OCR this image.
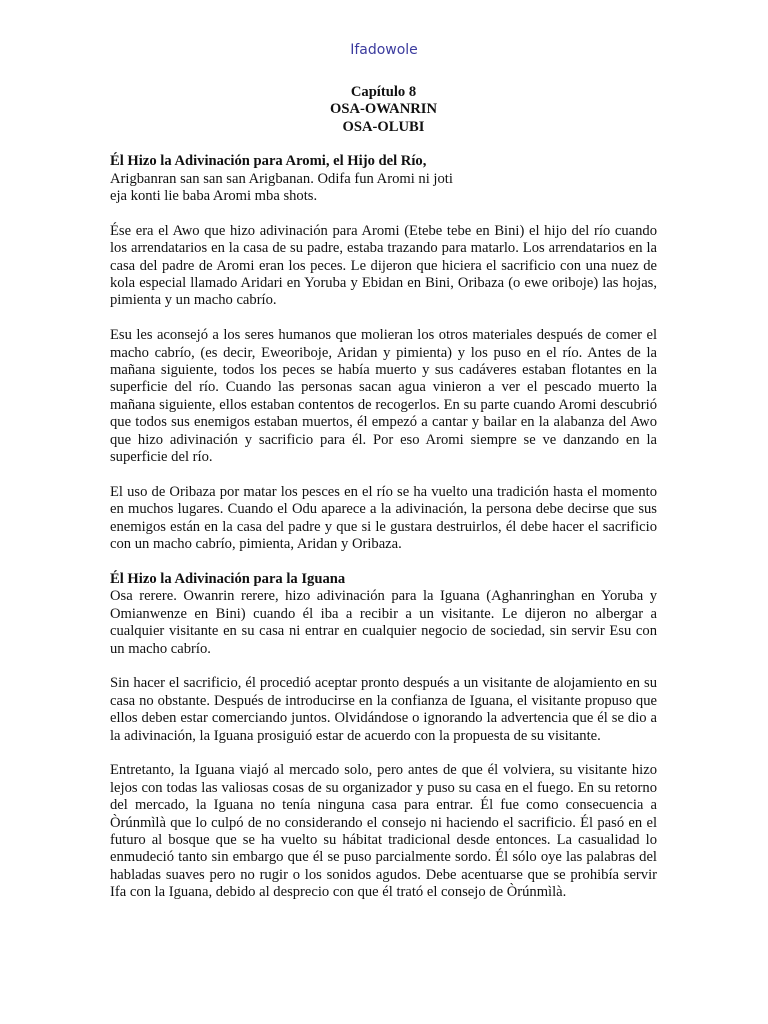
Ifadowole
Capítulo 8
OSA-OWANRIN
OSA-OLUBI
Él Hizo la Adivinación para Aromi, el Hijo del Río,
Arigbanran san san san Arigbanan. Odifa fun Aromi ni joti
eja konti lie baba Aromi mba shots.

Ése era el Awo que hizo adivinación para Aromi (Etebe tebe en Bini) el hijo del río cuando los arrendatarios en la casa de su padre, estaba trazando para matarlo. Los arrendatarios en la casa del padre de Aromi eran los peces. Le dijeron que hiciera el sacrificio con una nuez de kola especial llamado Aridari en Yoruba y Ebidan en Bini, Oribaza (o ewe oriboje) las hojas, pimienta y un macho cabrío.

Esu les aconsejó a los seres humanos que molieran los otros materiales después de comer el macho cabrío, (es decir, Eweoriboje, Aridan y pimienta) y los puso en el río. Antes de la mañana siguiente, todos los peces se había muerto y sus cadáveres estaban flotantes en la superficie del río. Cuando las personas sacan agua vinieron a ver el pescado muerto la mañana siguiente, ellos estaban contentos de recogerlos. En su parte cuando Aromi descubrió que todos sus enemigos estaban muertos, él empezó a cantar y bailar en la alabanza del Awo que hizo adivinación y sacrificio para él. Por eso Aromi siempre se ve danzando en la superficie del río.

El uso de Oribaza por matar los pesces en el río se ha vuelto una tradición hasta el momento en muchos lugares. Cuando el Odu aparece a la adivinación, la persona debe decirse que sus enemigos están en la casa del padre y que si le gustara destruirlos, él debe hacer el sacrificio con un macho cabrío, pimienta, Aridan y Oribaza.

Él Hizo la Adivinación para la Iguana

Osa rerere. Owanrin rerere, hizo adivinación para la Iguana (Aghanringhan en Yoruba y Omianwenze en Bini) cuando él iba a recibir a un visitante. Le dijeron no albergar a cualquier visitante en su casa ni entrar en cualquier negocio de sociedad, sin servir Esu con un macho cabrío.

Sin hacer el sacrificio, él procedió aceptar pronto después a un visitante de alojamiento en su casa no obstante. Después de introducirse en la confianza de Iguana, el visitante propuso que ellos deben estar comerciando juntos. Olvidándose o ignorando la advertencia que él se dio a la adivinación, la Iguana prosiguió estar de acuerdo con la propuesta de su visitante.

Entretanto, la Iguana viajó al mercado solo, pero antes de que él volviera, su visitante hizo lejos con todas las valiosas cosas de su organizador y puso su casa en el fuego. En su retorno del mercado, la Iguana no tenía ninguna casa para entrar. Él fue como consecuencia a Òrúnmìlà que lo culpó de no considerando el consejo ni haciendo el sacrificio. Él pasó en el futuro al bosque que se ha vuelto su hábitat tradicional desde entonces. La casualidad lo enmudeció tanto sin embargo que él se puso parcialmente sordo. Él sólo oye las palabras del habladas suaves pero no rugir o los sonidos agudos. Debe acentuarse que se prohibía servir Ifa con la Iguana, debido al desprecio con que él trató el consejo de Òrúnmìlà.
